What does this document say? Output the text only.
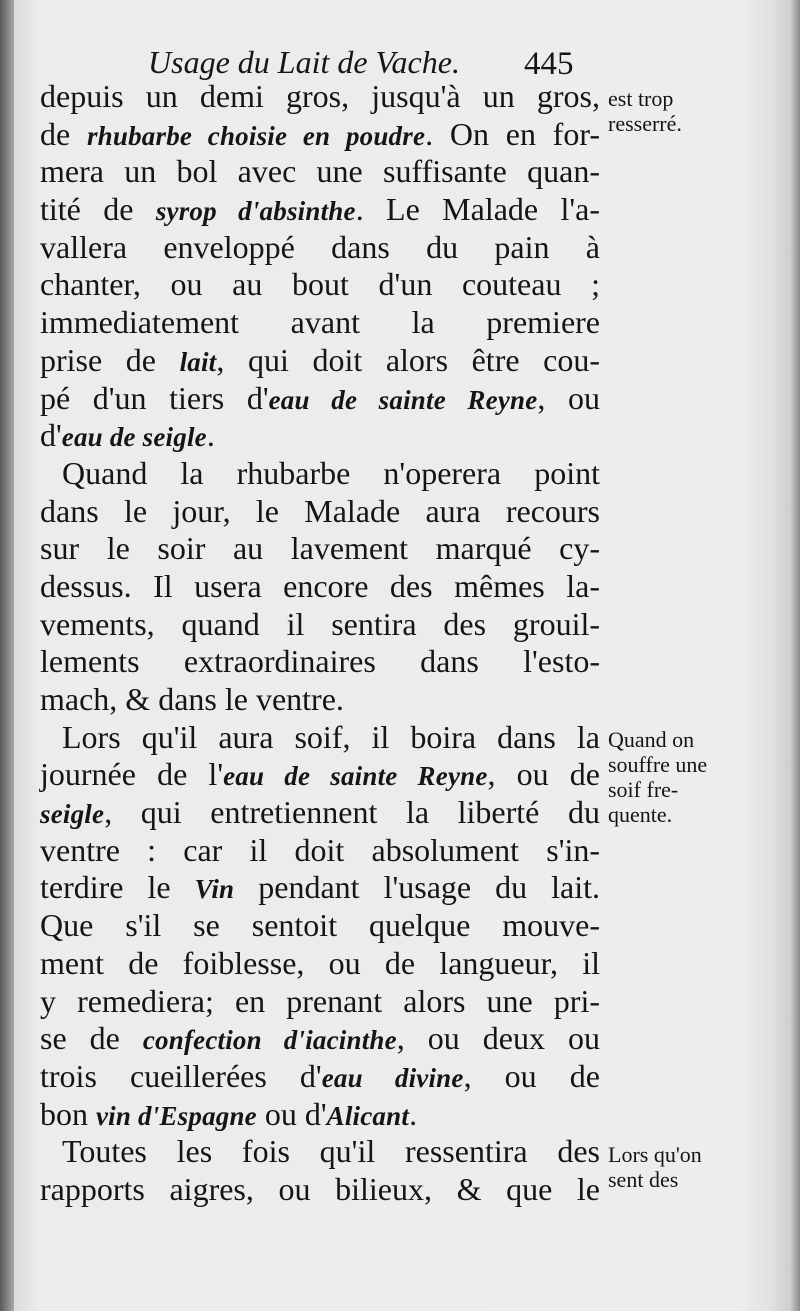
Usage du Lait de Vache. 445
depuis un demi gros, jusqu'à un gros,
de rhubarbe choisie en poudre. On en for-
mera un bol avec une suffisante quan-
tité de syrop d'absinthe. Le Malade l'a-
vallera enveloppé dans du pain à
chanter, ou au bout d'un couteau ;
immediatement avant la premiere
prise de lait, qui doit alors être cou-
pé d'un tiers d'eau de sainte Reyne, ou
d'eau de seigle.
Quand la rhubarbe n'operera point
dans le jour, le Malade aura recours
sur le soir au lavement marqué cy-
dessus. Il usera encore des mêmes la-
vements, quand il sentira des grouil-
lements extraordinaires dans l'esto-
mach, & dans le ventre.
Lors qu'il aura soif, il boira dans la
journée de l'eau de sainte Reyne, ou de
seigle, qui entretiennent la liberté du
ventre : car il doit absolument s'in-
terdire le Vin pendant l'usage du lait.
Que s'il se sentoit quelque mouve-
ment de foiblesse, ou de langueur, il
y remediera; en prenant alors une pri-
se de confection d'iacinthe, ou deux ou
trois cueillerées d'eau divine, ou de
bon vin d'Espagne ou d'Alicant.
Toutes les fois qu'il ressentira des
rapports aigres, ou bilieux, & que le
est trop
resserré.
Quand on
souffre une
soif fre-
quente.
Lors qu'on
sent des
